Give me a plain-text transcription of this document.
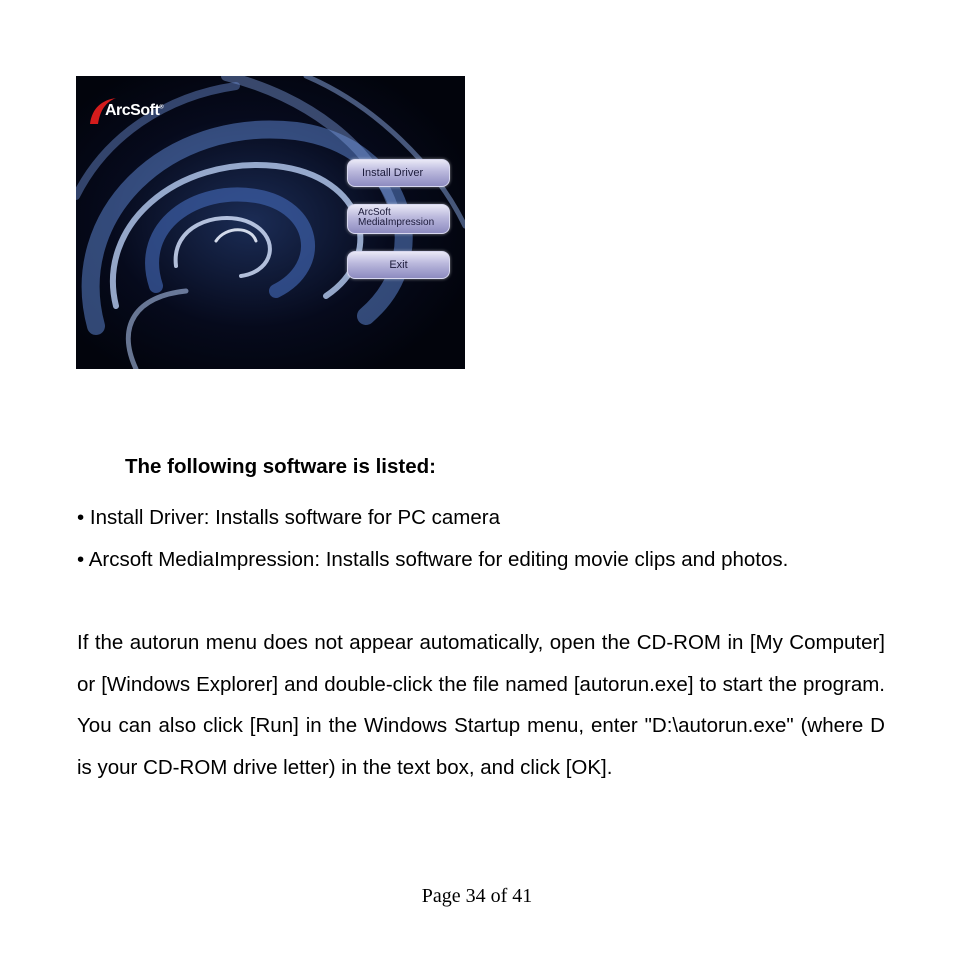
ArcSoft®
Install Driver
ArcSoft
MediaImpression
Exit
The following software is listed:
• Install Driver: Installs software for PC camera
• Arcsoft MediaImpression: Installs software for editing movie clips and photos.
If the autorun menu does not appear automatically, open the CD-ROM in [My Computer] or [Windows Explorer] and double-click the file named [autorun.exe] to start the program. You can also click [Run] in the Windows Startup menu, enter "D:\autorun.exe" (where D is your CD-ROM drive letter) in the text box, and click [OK].
Page 34 of 41
